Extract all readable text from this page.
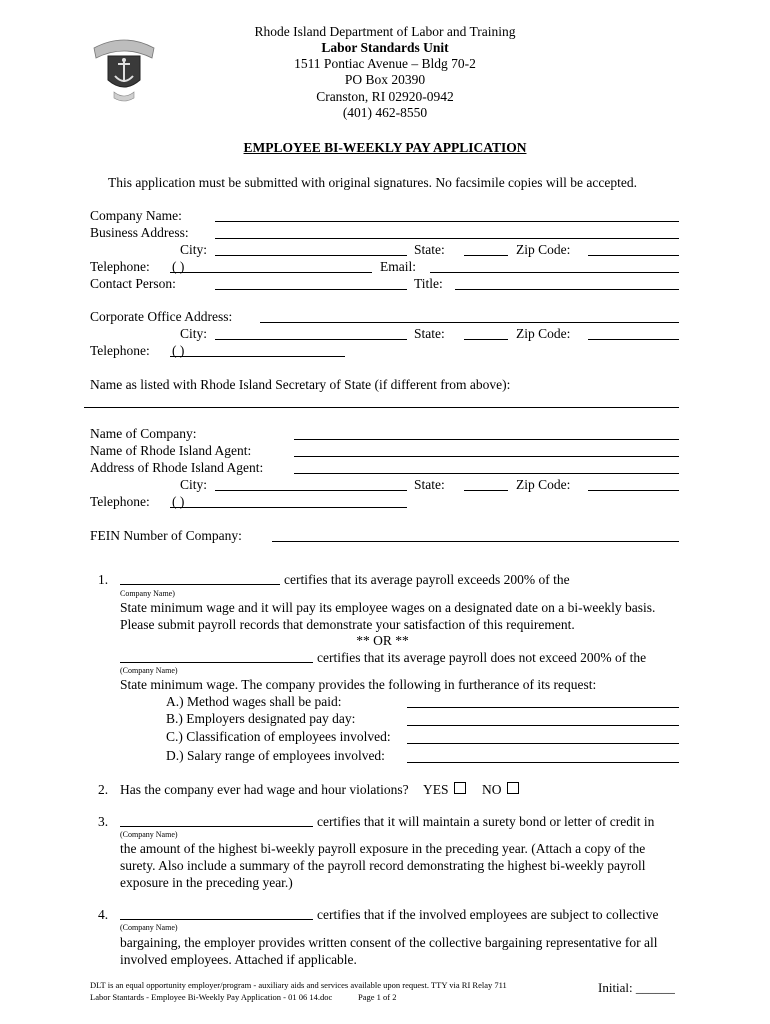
Rhode Island Department of Labor and Training
Labor Standards Unit
1511 Pontiac Avenue – Bldg 70-2
PO Box 20390
Cranston, RI 02920-0942
(401) 462-8550
EMPLOYEE BI-WEEKLY PAY APPLICATION
This application must be submitted with original signatures. No facsimile copies will be accepted.
Company Name:
Business Address:
City:	State:	Zip Code:
Telephone: ( )	Email:
Contact Person:	Title:
Corporate Office Address:
City:	State:	Zip Code:
Telephone: ( )
Name as listed with Rhode Island Secretary of State (if different from above):
Name of Company:
Name of Rhode Island Agent:
Address of Rhode Island Agent:
City:	State:	Zip Code:
Telephone: ( )
FEIN Number of Company:
1.	certifies that its average payroll exceeds 200% of the
Company Name)
State minimum wage and it will pay its employee wages on a designated date on a bi-weekly basis.
Please submit payroll records that demonstrate your satisfaction of this requirement.
** OR **
certifies that its average payroll does not exceed 200% of the
(Company Name)
State minimum wage. The company provides the following in furtherance of its request:
A.) Method wages shall be paid:
B.) Employers designated pay day:
C.) Classification of employees involved:
D.) Salary range of employees involved:
2. Has the company ever had wage and hour violations? YES NO
3.	certifies that it will maintain a surety bond or letter of credit in
(Company Name)
the amount of the highest bi-weekly payroll exposure in the preceding year. (Attach a copy of the
surety. Also include a summary of the payroll record demonstrating the highest bi-weekly payroll
exposure in the preceding year.)
4.	certifies that if the involved employees are subject to collective
(Company Name)
bargaining, the employer provides written consent of the collective bargaining representative for all
involved employees. Attached if applicable.
DLT is an equal opportunity employer/program - auxiliary aids and services available upon request. TTY via RI Relay 711
Labor Stantards - Employee Bi-Weekly Pay Application - 01 06 14.doc	Page 1 of 2
Initial: ______
